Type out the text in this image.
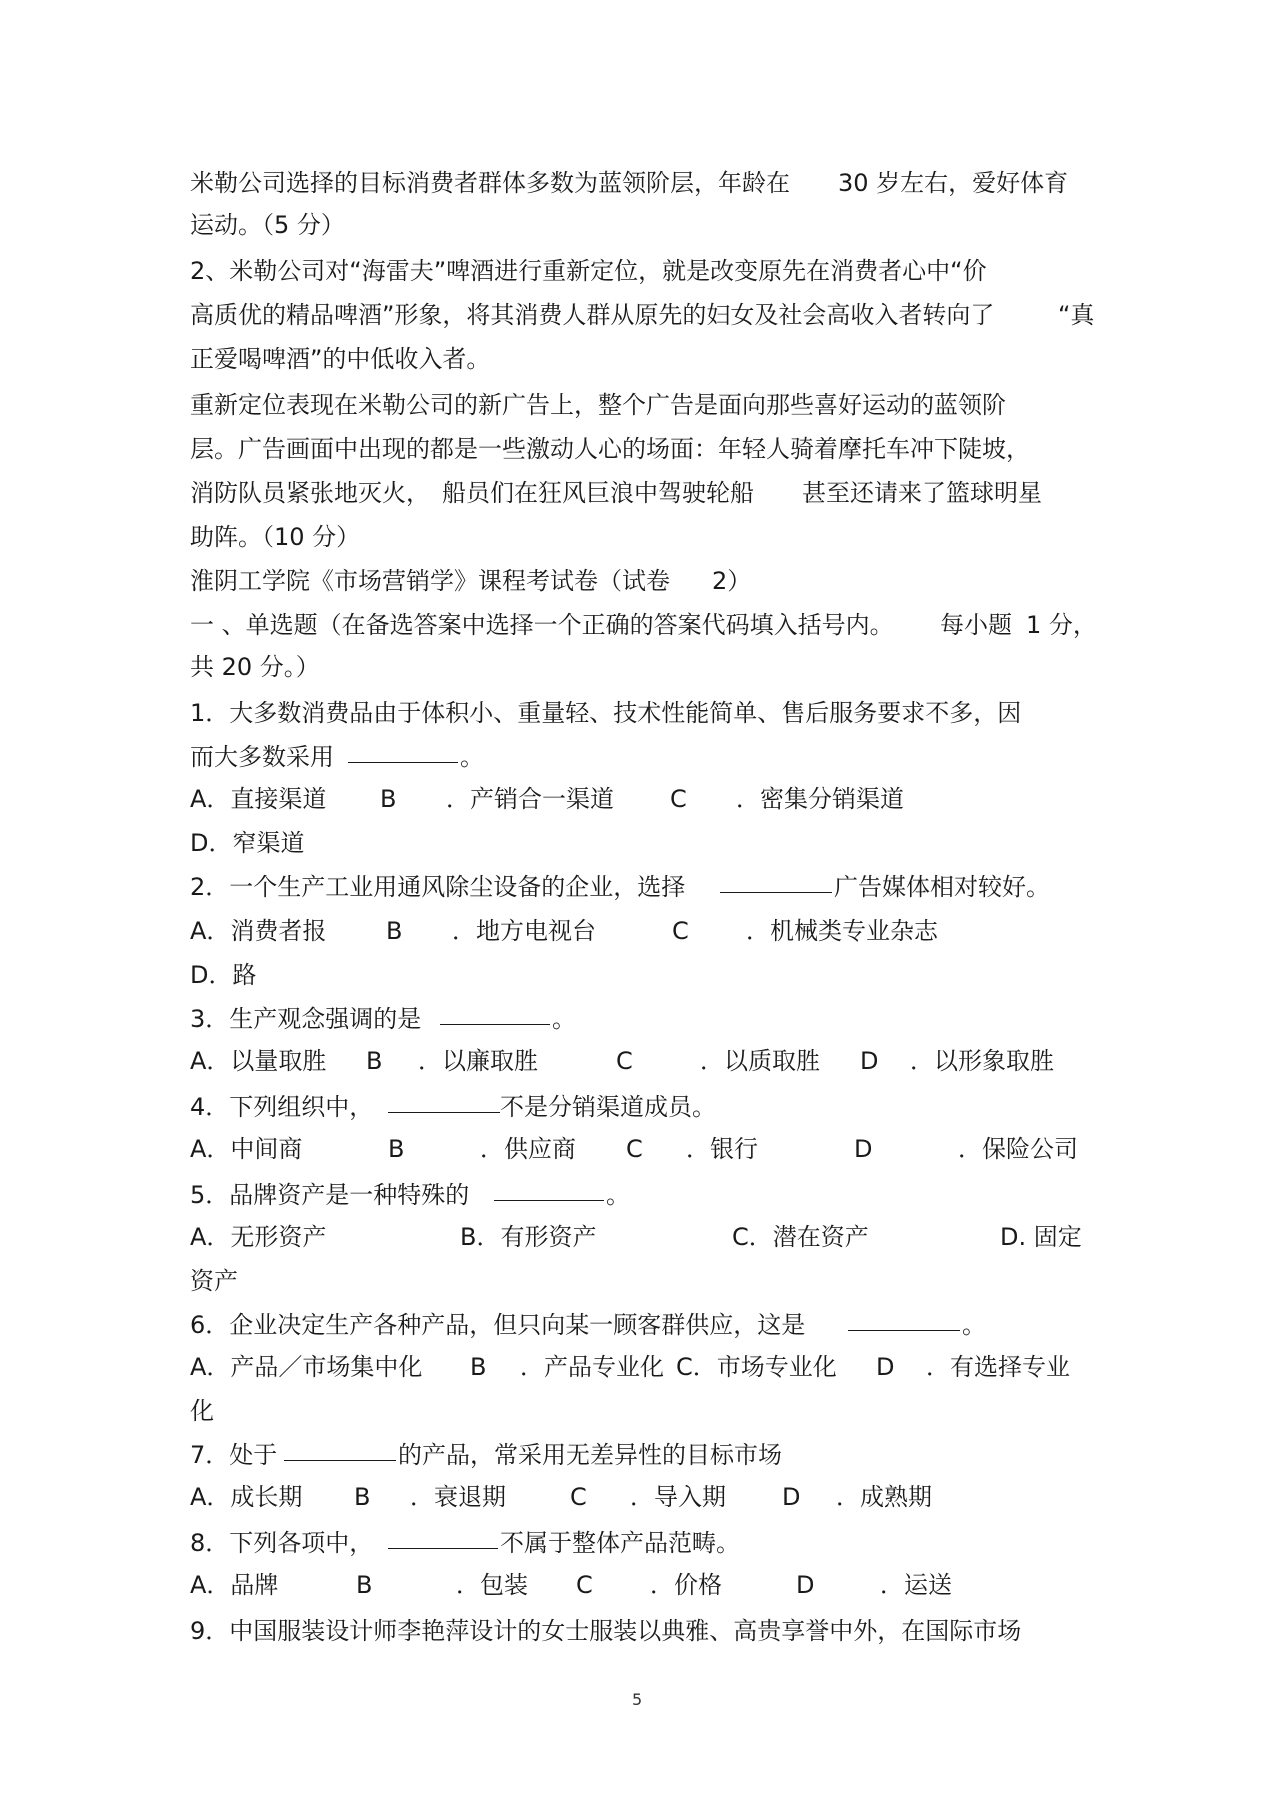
米勒公司选择的目标消费者群体多数为蓝领阶层，年龄在 30 岁左右，爱好体育
运动。（5 分）
2、米勒公司对“海雷夫”啤酒进行重新定位，就是改变原先在消费者心中“价
高质优的精品啤酒”形象，将其消费人群从原先的妇女及社会高收入者转向了	“真
正爱喝啤酒”的中低收入者。
重新定位表现在米勒公司的新广告上，整个广告是面向那些喜好运动的蓝领阶
层。广告画面中出现的都是一些激动人心的场面：年轻人骑着摩托车冲下陡坡，
消防队员紧张地灭火， 船员们在狂风巨浪中驾驶轮船 甚至还请来了篮球明星
助阵。（10 分）
淮阴工学院《市场营销学》课程考试卷（试卷 2）
一 、单选题（在备选答案中选择一个正确的答案代码填入括号内。 每小题 1 分，
共 20 分。）
1．大多数消费品由于体积小、重量轻、技术性能简单、售后服务要求不多，因
而大多数采用	。
A．直接渠道 B ．产销合一渠道 C ．密集分销渠道
D．窄渠道
2．一个生产工业用通风除尘设备的企业，选择	广告媒体相对较好。
A．消费者报 B ．地方电视台	C ．机械类专业杂志
D．路
3．生产观念强调的是	。
A．以量取胜 B ．以廉取胜	C	．以质取胜 D ．以形象取胜
4．下列组织中，	不是分销渠道成员。
A．中间商	B	．供应商 C ．银行	D	．保险公司
5．品牌资产是一种特殊的	。
A．无形资产	B．有形资产	C．潜在资产	D. 固定
资产
6．企业决定生产各种产品，但只向某一顾客群供应，这是	。
A．产品／市场集中化 B ．产品专业化 C．市场专业化 D ．有选择专业
化
7．处于	的产品，常采用无差异性的目标市场
A．成长期 B ．衰退期	C ．导入期 D ．成熟期
8．下列各项中，	不属于整体产品范畴。
A．品牌	B	．包装 C ．价格	D	．运送
9．中国服装设计师李艳萍设计的女士服装以典雅、高贵享誉中外，在国际市场
5
